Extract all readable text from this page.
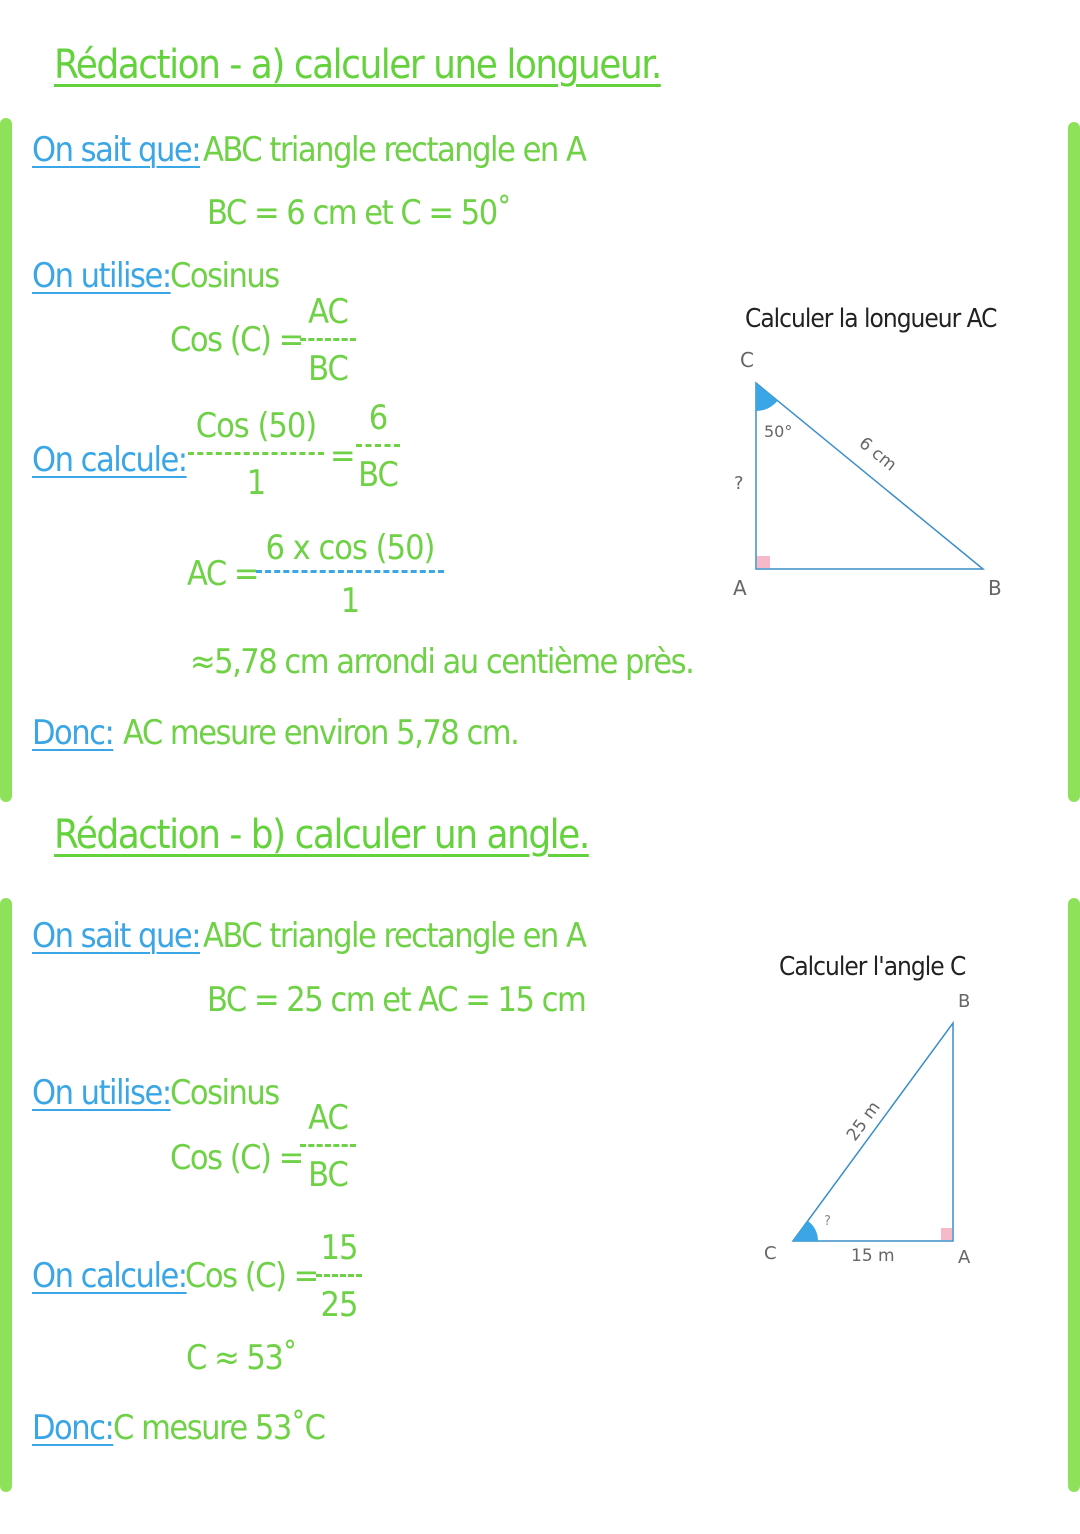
Rédaction - a) calculer une longueur.
On sait que: ABC triangle rectangle en A
BC = 6 cm et C = 50˚
On utilise: Cosinus
Cos (C) =
AC
BC
On calcule:
Cos (50)
1
=
6
BC
AC =
6 x cos (50)
1
≈5,78 cm arrondi au centième près.
Donc: AC mesure environ 5,78 cm.
Calculer la longueur AC
C
A	B
50°
?
6 cm
Rédaction - b) calculer un angle.
On sait que: ABC triangle rectangle en A
BC = 25 cm et AC = 15 cm
On utilise: Cosinus
Cos (C) =
AC
BC
On calcule:
Cos (C) =
15
25
C ≈ 53˚
Donc: C mesure 53˚C
Calculer l'angle C
C	A
B
15 m
?
25 m
